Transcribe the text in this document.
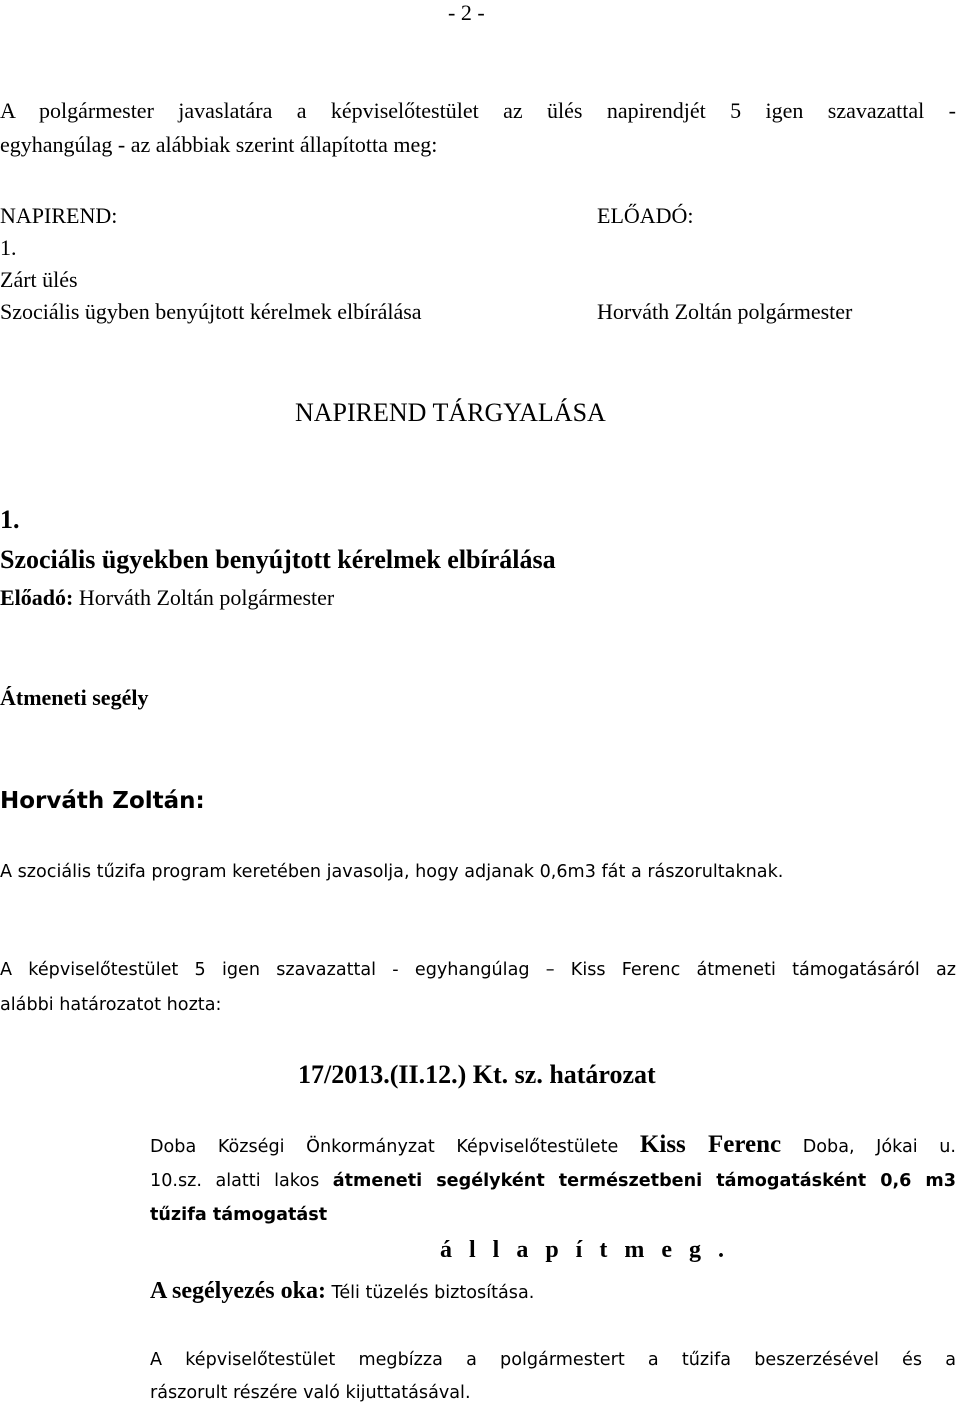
- 2 -
A polgármester javaslatára a képviselőtestület az ülés napirendjét 5 igen szavazattal -
egyhangúlag - az alábbiak szerint állapította meg:
NAPIREND:	ELŐADÓ:
1.
Zárt ülés
Szociális ügyben benyújtott kérelmek elbírálása	Horváth Zoltán polgármester
NAPIREND TÁRGYALÁSA
1.
Szociális ügyekben benyújtott kérelmek elbírálása
Előadó: Horváth Zoltán polgármester
Átmeneti segély
Horváth Zoltán:
A szociális tűzifa program keretében javasolja, hogy adjanak 0,6m3 fát a rászorultaknak.
A képviselőtestület 5 igen szavazattal - egyhangúlag – Kiss Ferenc átmeneti támogatásáról az
alábbi határozatot hozta:
17/2013.(II.12.) Kt. sz. határozat
Doba Községi Önkormányzat Képviselőtestülete Kiss Ferenc Doba, Jókai u.
10.sz. alatti lakos átmeneti segélyként természetbeni támogatásként 0,6 m3
tűzifa támogatást
á l l a p í t m e g .
A segélyezés oka: Téli tüzelés biztosítása.
A képviselőtestület megbízza a polgármestert a tűzifa beszerzésével és a
rászorult részére való kijuttatásával.
